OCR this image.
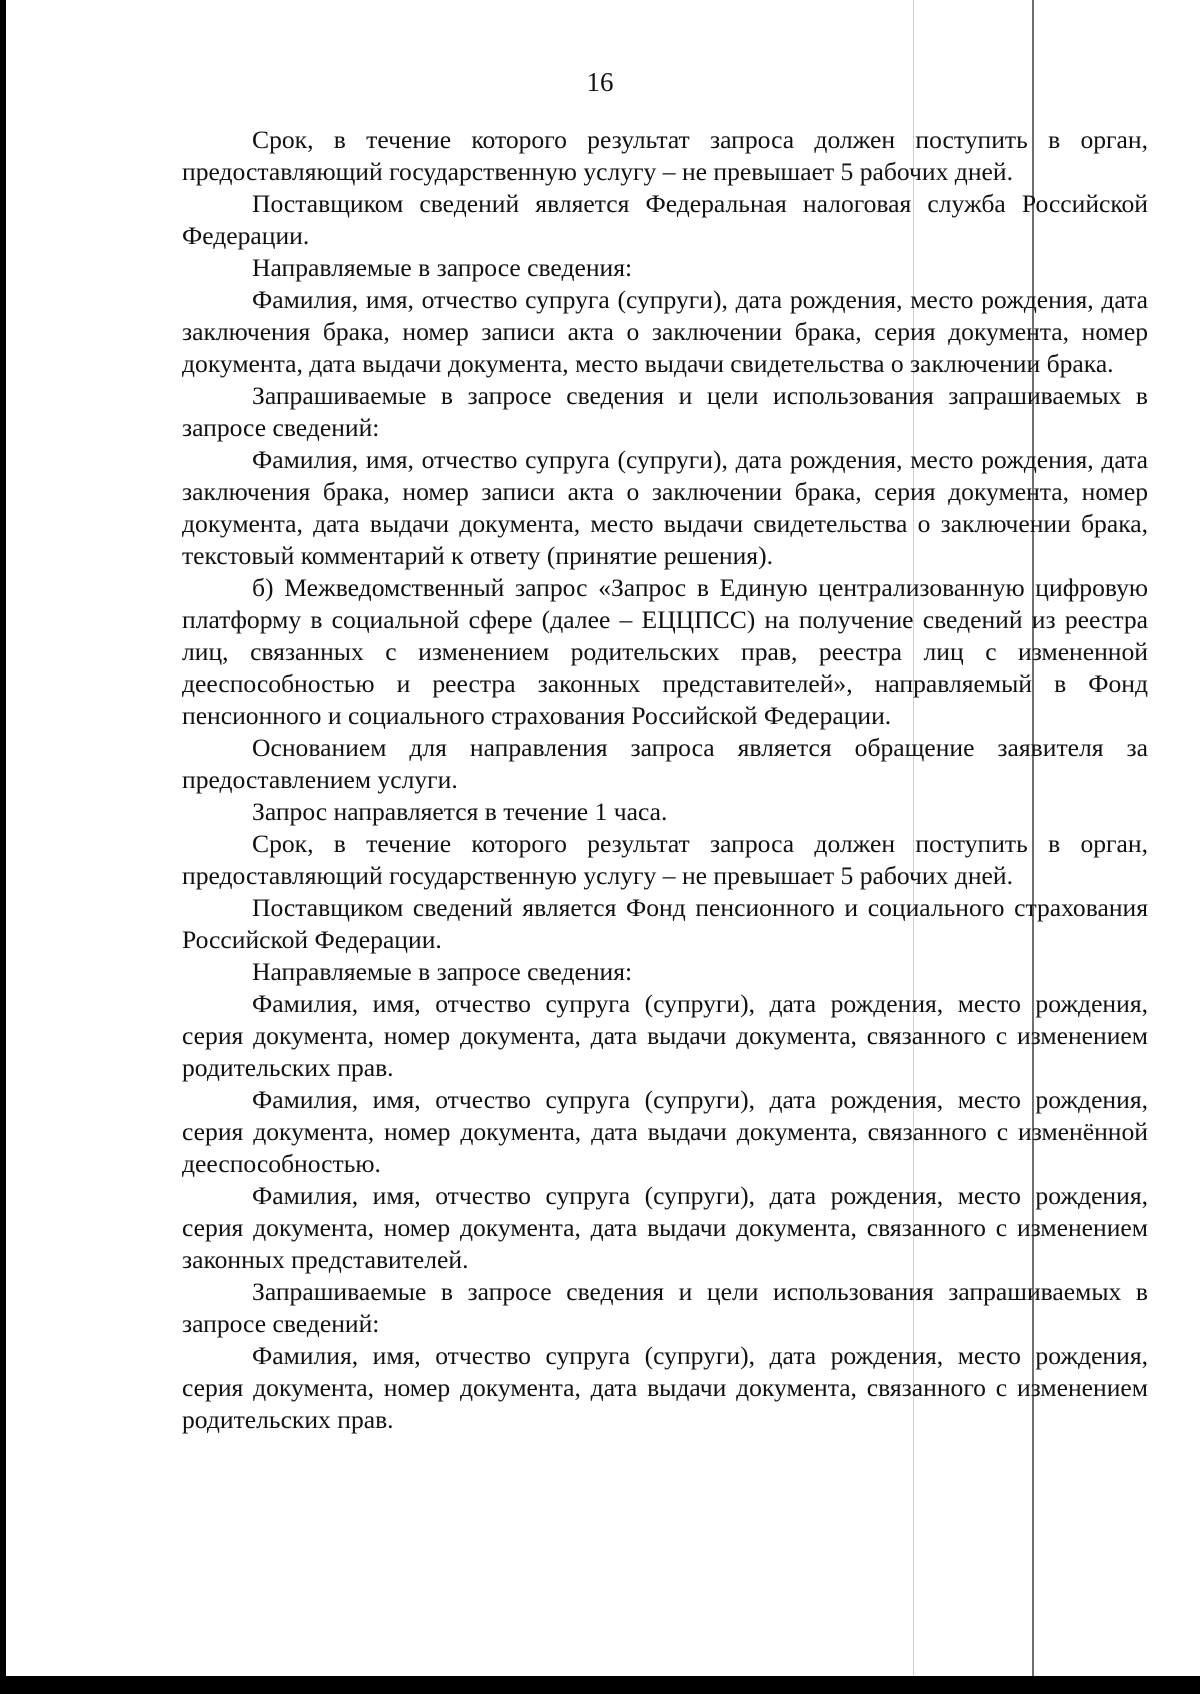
16

Срок, в течение которого результат запроса должен поступить в орган, предоставляющий государственную услугу – не превышает 5 рабочих дней.

Поставщиком сведений является Федеральная налоговая служба Российской Федерации.

Направляемые в запросе сведения:

Фамилия, имя, отчество супруга (супруги), дата рождения, место рождения, дата заключения брака, номер записи акта о заключении брака, серия документа, номер документа, дата выдачи документа, место выдачи свидетельства о заключении брака.

Запрашиваемые в запросе сведения и цели использования запрашиваемых в запросе сведений:

Фамилия, имя, отчество супруга (супруги), дата рождения, место рождения, дата заключения брака, номер записи акта о заключении брака, серия документа, номер документа, дата выдачи документа, место выдачи свидетельства о заключении брака, текстовый комментарий к ответу (принятие решения).

б) Межведомственный запрос «Запрос в Единую централизованную цифровую платформу в социальной сфере (далее – ЕЦЦПСС) на получение сведений из реестра лиц, связанных с изменением родительских прав, реестра лиц с измененной дееспособностью и реестра законных представителей», направляемый в Фонд пенсионного и социального страхования Российской Федерации.

Основанием для направления запроса является обращение заявителя за предоставлением услуги.

Запрос направляется в течение 1 часа.

Срок, в течение которого результат запроса должен поступить в орган, предоставляющий государственную услугу – не превышает 5 рабочих дней.

Поставщиком сведений является Фонд пенсионного и социального страхования Российской Федерации.

Направляемые в запросе сведения:

Фамилия, имя, отчество супруга (супруги), дата рождения, место рождения, серия документа, номер документа, дата выдачи документа, связанного с изменением родительских прав.

Фамилия, имя, отчество супруга (супруги), дата рождения, место рождения, серия документа, номер документа, дата выдачи документа, связанного с изменённой дееспособностью.

Фамилия, имя, отчество супруга (супруги), дата рождения, место рождения, серия документа, номер документа, дата выдачи документа, связанного с изменением законных представителей.

Запрашиваемые в запросе сведения и цели использования запрашиваемых в запросе сведений:

Фамилия, имя, отчество супруга (супруги), дата рождения, место рождения, серия документа, номер документа, дата выдачи документа, связанного с изменением родительских прав.
